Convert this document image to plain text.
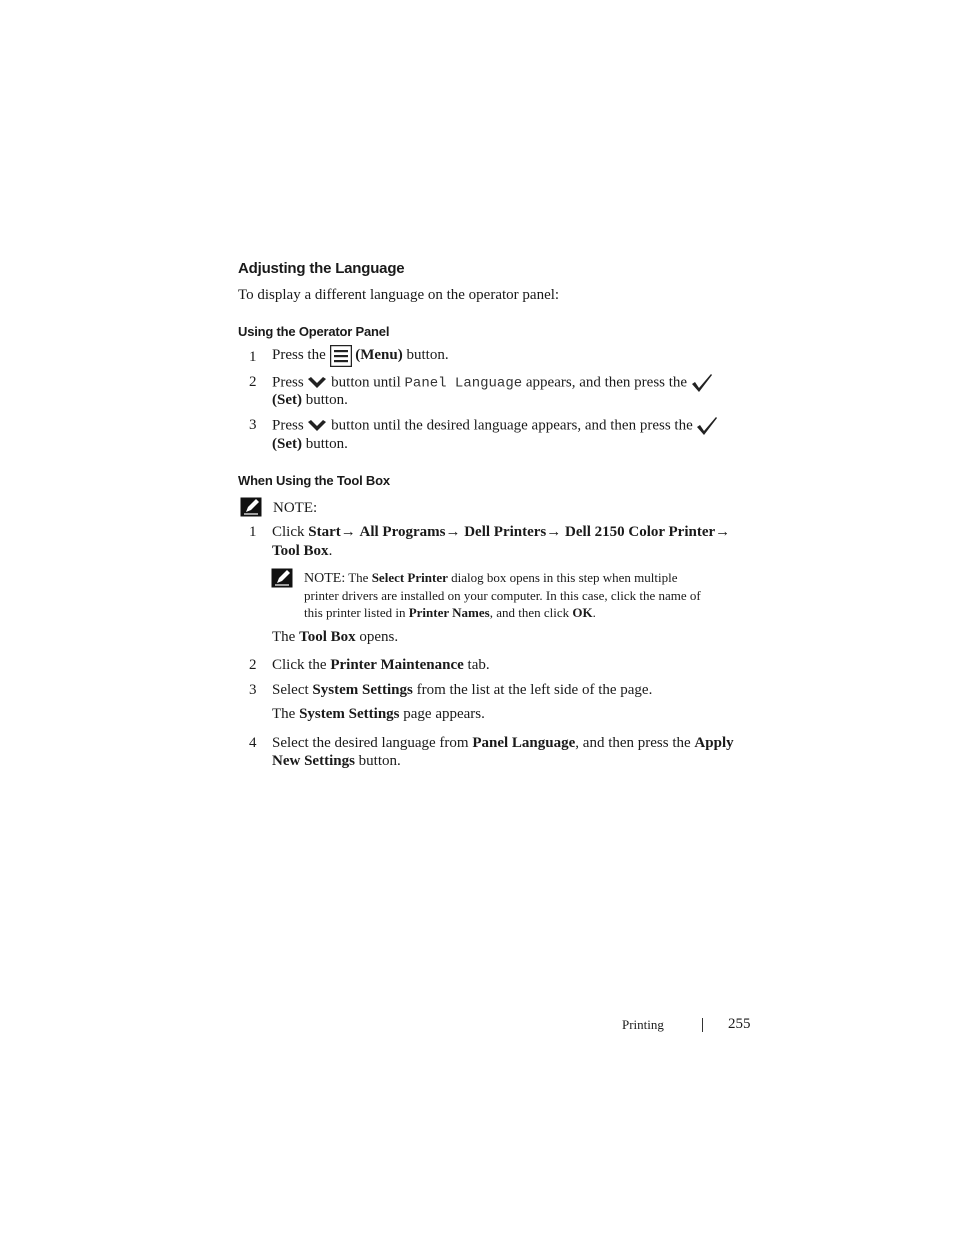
Adjusting the Language
To display a different language on the operator panel:
Using the Operator Panel
1	Press the (Menu) button.
2	Press button until Panel Language appears, and then press the
(Set) button.
3	Press button until the desired language appears, and then press the
(Set) button.
When Using the Tool Box
NOTE:
1	Click Start→ All Programs→ Dell Printers→ Dell 2150 Color Printer→
Tool Box.
NOTE: The Select Printer dialog box opens in this step when multiple
printer drivers are installed on your computer. In this case, click the name of
this printer listed in Printer Names, and then click OK.
The Tool Box opens.
2	Click the Printer Maintenance tab.
3	Select System Settings from the list at the left side of the page.
The System Settings page appears.
4	Select the desired language from Panel Language, and then press the Apply
New Settings button.
Printing	255
